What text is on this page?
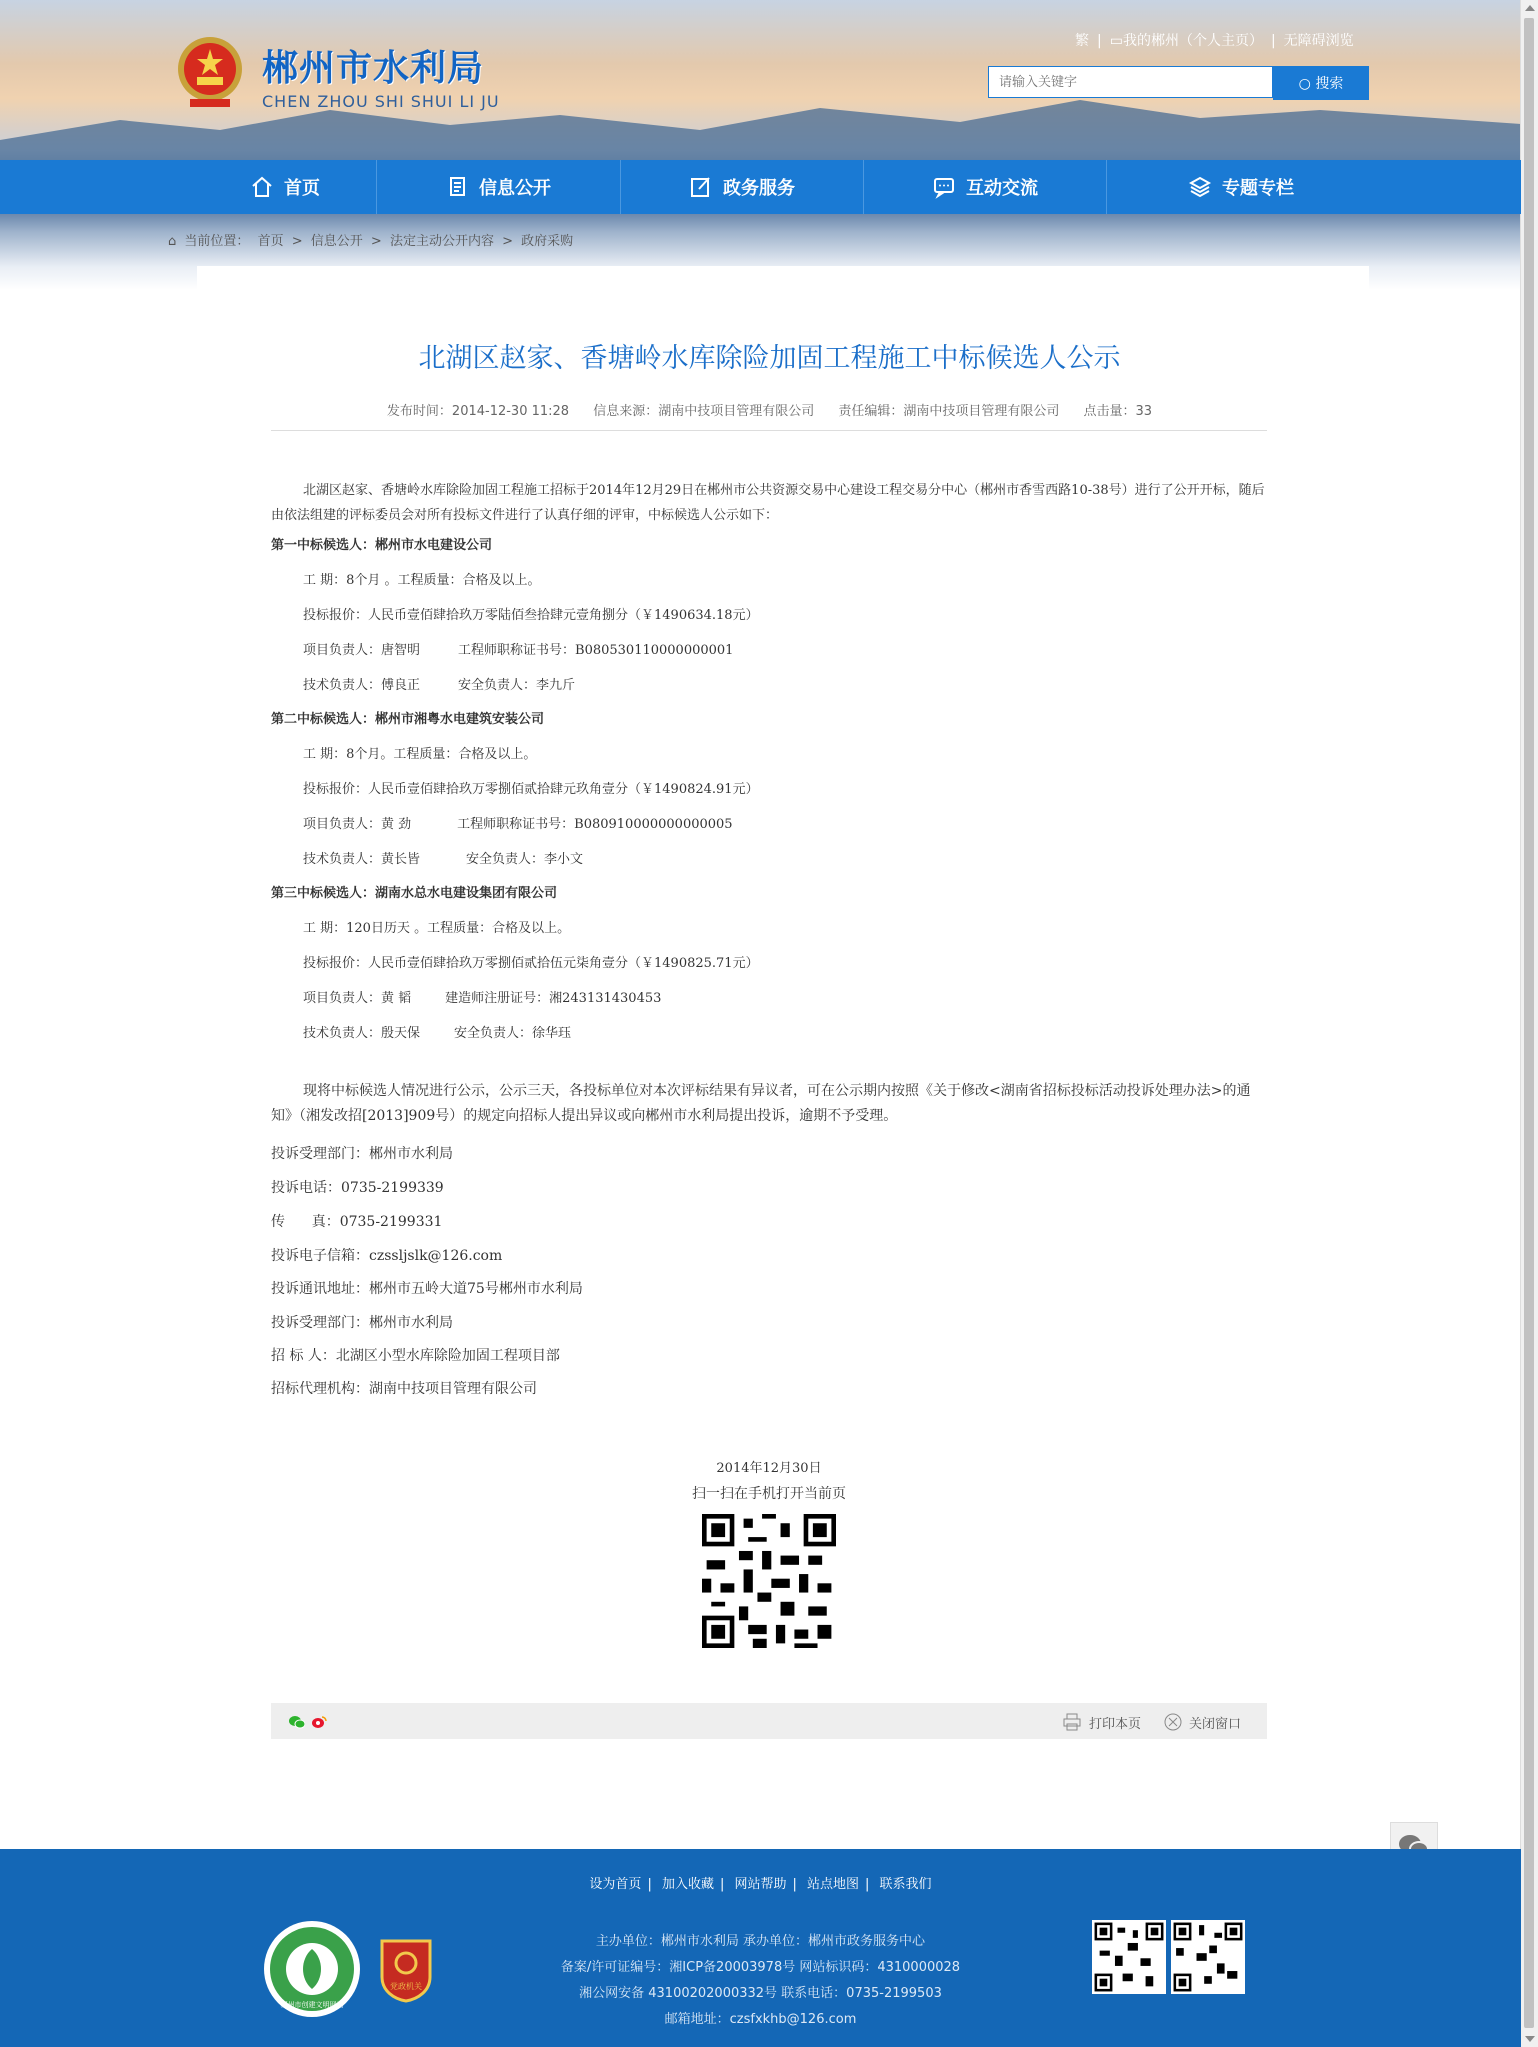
郴州市水利局
CHEN ZHOU SHI SHUI LI JU
繁 | ▭我的郴州（个人主页） | 无障碍浏览
请输入关键字
○ 搜索
首页	信息公开	政务服务	互动交流	专题专栏
⌂ 当前位置： 首页 > 信息公开 > 法定主动公开内容 > 政府采购
北湖区赵家、香塘岭水库除险加固工程施工中标候选人公示
发布时间：2014-12-30 11:28 信息来源：湖南中技项目管理有限公司 责任编辑：湖南中技项目管理有限公司 点击量：33

北湖区赵家、香塘岭水库除险加固工程施工招标于2014年12月29日在郴州市公共资源交易中心建设工程交易分中心（郴州市香雪西路10-38号）进行了公开开标，随后由依法组建的评标委员会对所有投标文件进行了认真仔细的评审，中标候选人公示如下：

第一中标候选人：郴州市水电建设公司
工 期：8个月 。工程质量：合格及以上。
投标报价：人民币壹佰肆拾玖万零陆佰叁拾肆元壹角捌分（￥1490634.18元）
项目负责人：唐智明	工程师职称证书号：B080530110000000001
技术负责人：傅良正	安全负责人：李九斤
第二中标候选人：郴州市湘粤水电建筑安装公司
工 期：8个月。工程质量：合格及以上。
投标报价：人民币壹佰肆拾玖万零捌佰贰拾肆元玖角壹分（￥1490824.91元）
项目负责人：黄 劲	工程师职称证书号：B080910000000000005
技术负责人：黄长皆	安全负责人：李小文
第三中标候选人：湖南水总水电建设集团有限公司
工 期：120日历天 。工程质量：合格及以上。
投标报价：人民币壹佰肆拾玖万零捌佰贰拾伍元柒角壹分（￥1490825.71元）
项目负责人：黄 韬	建造师注册证号：湘243131430453
技术负责人：殷天保	安全负责人：徐华珏

现将中标候选人情况进行公示，公示三天，各投标单位对本次评标结果有异议者，可在公示期内按照《关于修改<湖南省招标投标活动投诉处理办法>的通知》（湘发改招[2013]909号）的规定向招标人提出异议或向郴州市水利局提出投诉，逾期不予受理。

投诉受理部门：郴州市水利局
投诉电话：0735-2199339
传      真：0735-2199331
投诉电子信箱：czssljslk@126.com
投诉通讯地址：郴州市五岭大道75号郴州市水利局
投诉受理部门：郴州市水利局
招 标 人：北湖区小型水库除险加固工程项目部
招标代理机构：湖南中技项目管理有限公司
2014年12月30日
扫一扫在手机打开当前页
打印本页	关闭窗口
设为首页 | 加入收藏 | 网站帮助 | 站点地图 | 联系我们
主办单位：郴州市水利局 承办单位：郴州市政务服务中心
备案/许可证编号：湘ICP备20003978号 网站标识码：4310000028
湘公网安备 43100202000332号 联系电话：0735-2199503
邮箱地址：czsfxkhb@126.com
郴州市创建文明网站
党政机关
